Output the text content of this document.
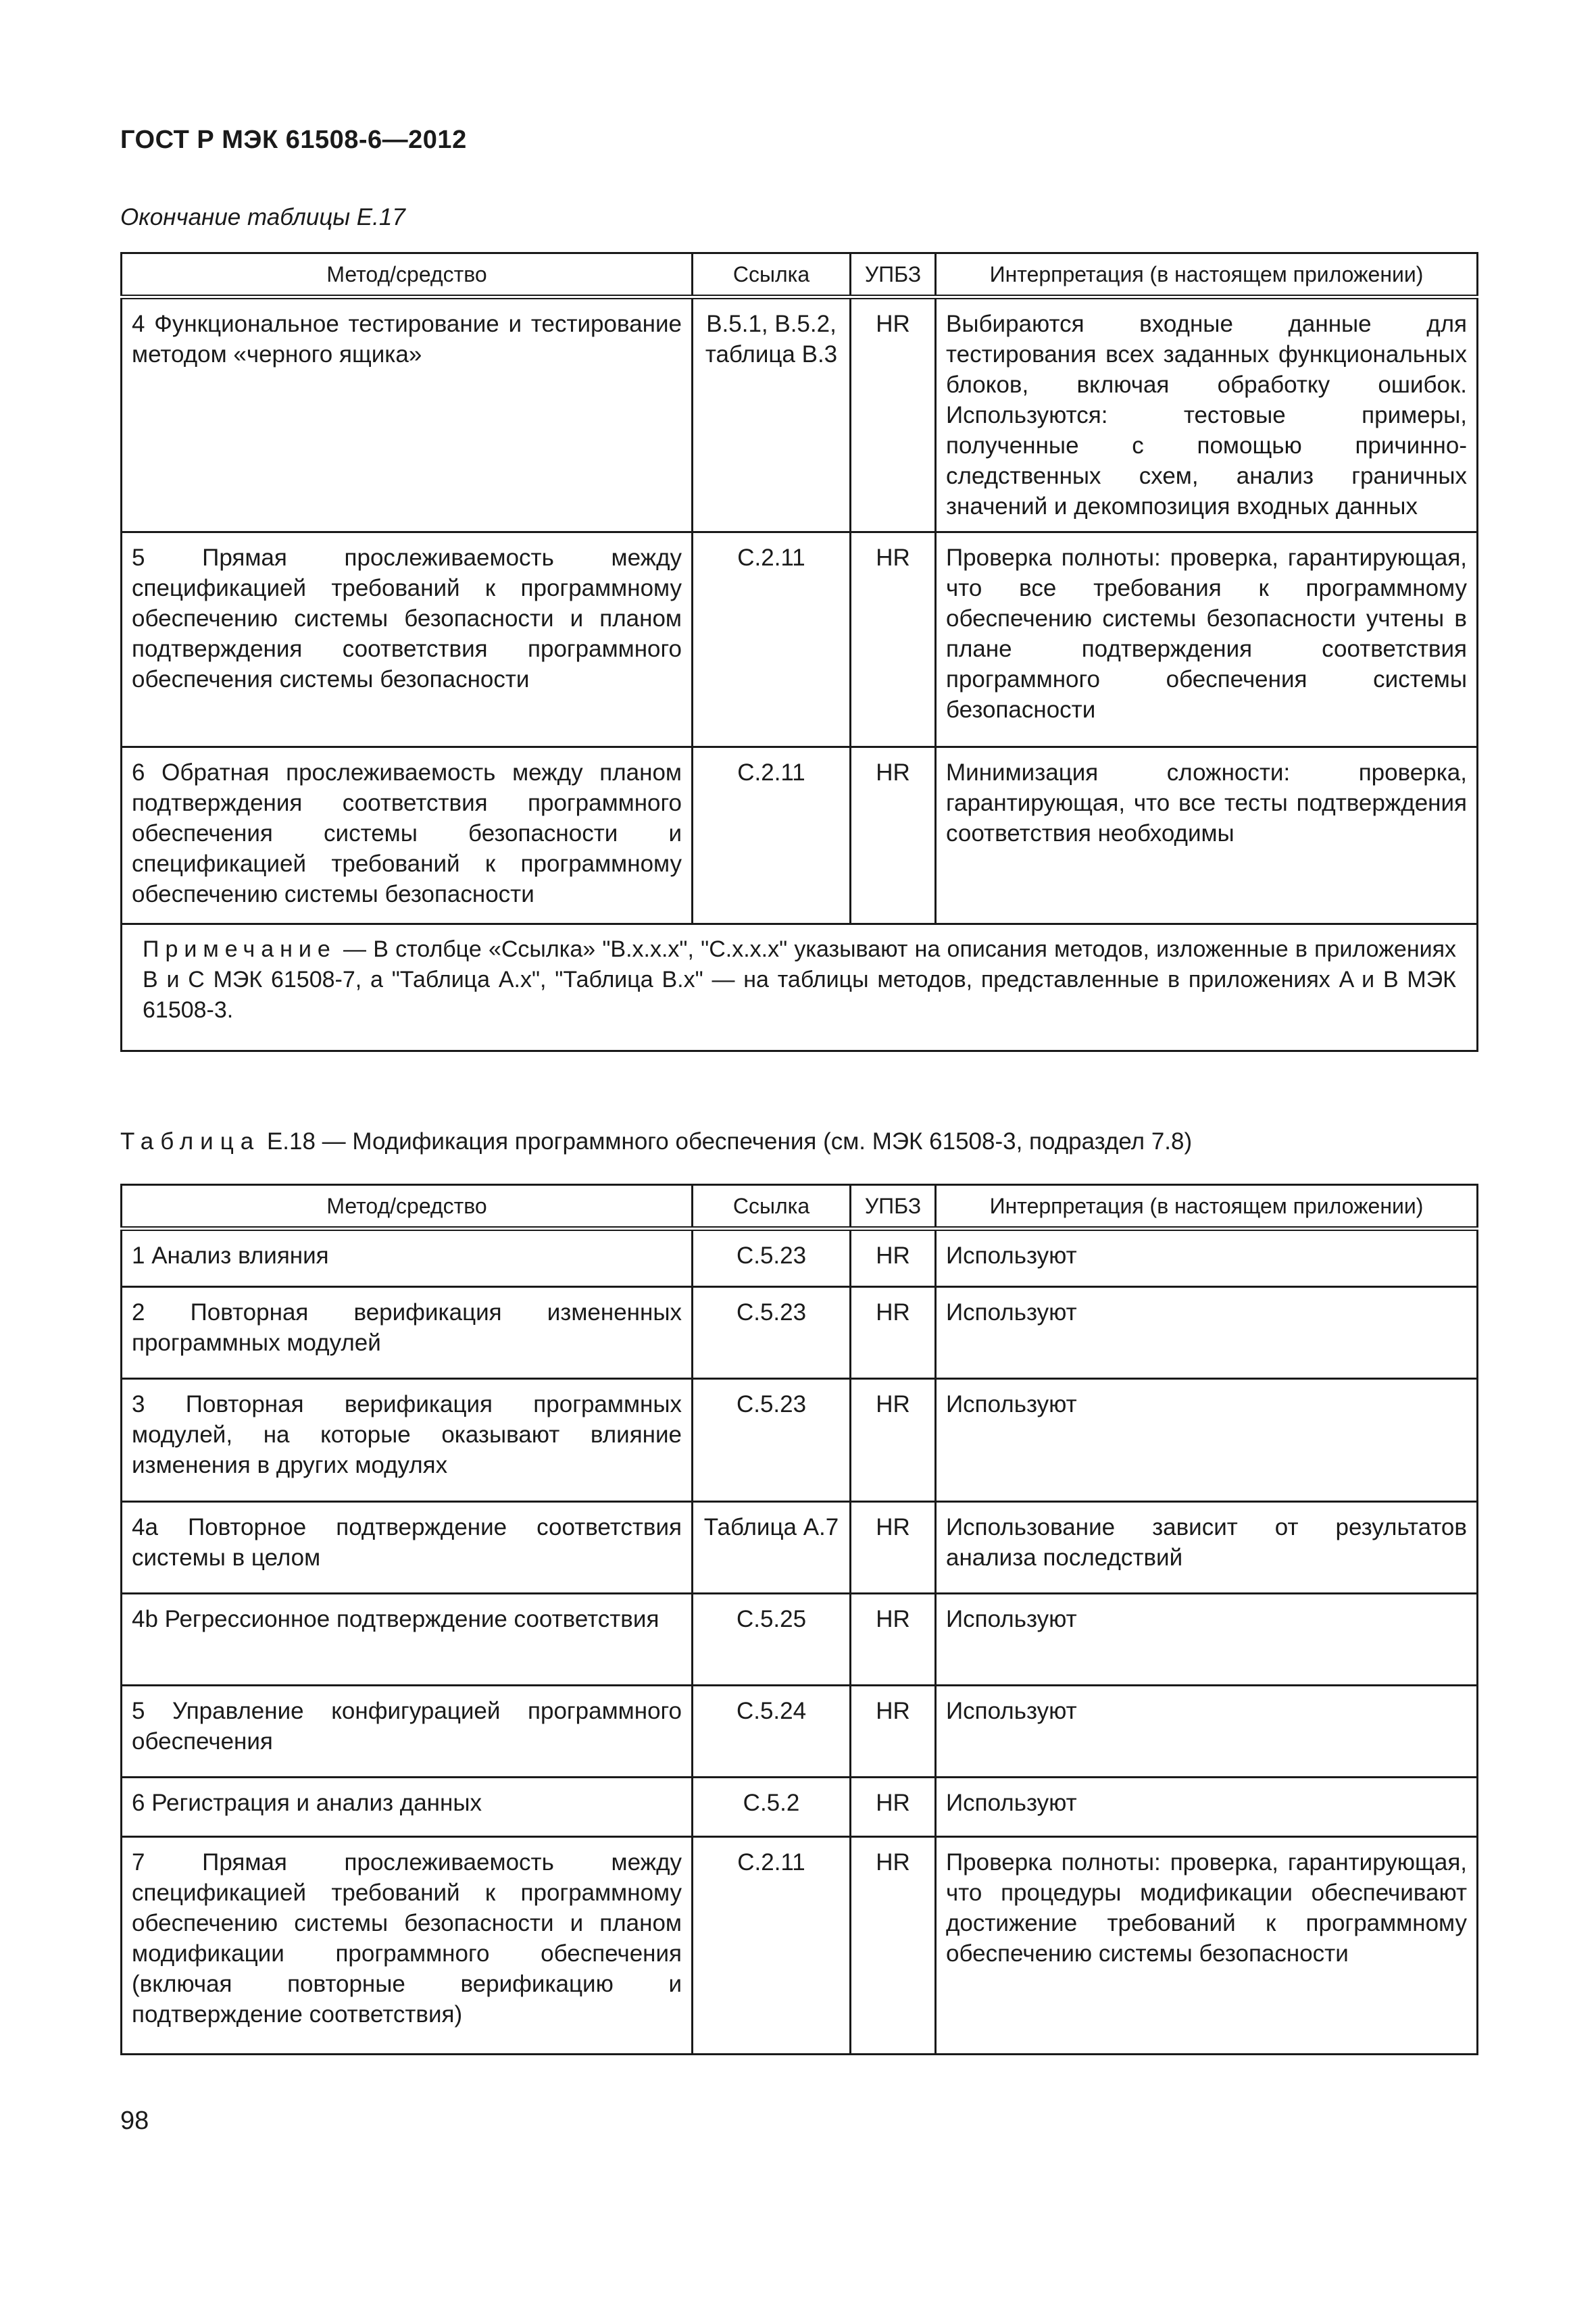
ГОСТ Р МЭК 61508-6—2012
Окончание таблицы E.17
Метод/средство	Ссылка	УПБЗ	Интерпретация (в настоящем приложении)
4 Функциональное тестирование и тестирование методом «черного ящика»	B.5.1, B.5.2, таблица B.3	HR	Выбираются входные данные для тестирования всех заданных функциональных блоков, включая обработку ошибок. Используются: тестовые примеры, полученные с помощью причинно-следственных схем, анализ граничных значений и декомпозиция входных данных
5 Прямая прослеживаемость между спецификацией требований к программному обеспечению системы безопасности и планом подтверждения соответствия программного обеспечения системы безопасности	C.2.11	HR	Проверка полноты: проверка, гарантирующая, что все требования к программному обеспечению системы безопасности учтены в плане подтверждения соответствия программного обеспечения системы безопасности
6 Обратная прослеживаемость между планом подтверждения соответствия программного обеспечения системы безопасности и спецификацией требований к программному обеспечению системы безопасности	C.2.11	HR	Минимизация сложности: проверка, гарантирующая, что все тесты подтверждения соответствия необходимы
Примечание — В столбце «Ссылка» "B.x.x.x", "C.x.x.x" указывают на описания методов, изложенные в приложениях B и C МЭК 61508-7, а "Таблица A.x", "Таблица B.x" — на таблицы методов, представленные в приложениях A и B МЭК 61508-3.			
Таблица E.18 — Модификация программного обеспечения (см. МЭК 61508-3, подраздел 7.8)
Метод/средство	Ссылка	УПБЗ	Интерпретация (в настоящем приложении)
1 Анализ влияния	C.5.23	HR	Используют
2 Повторная верификация измененных программных модулей	C.5.23	HR	Используют
3 Повторная верификация программных модулей, на которые оказывают влияние изменения в других модулях	C.5.23	HR	Используют
4a Повторное подтверждение соответствия системы в целом	Таблица A.7	HR	Использование зависит от результатов анализа последствий
4b Регрессионное подтверждение соответствия	C.5.25	HR	Используют
5 Управление конфигурацией программного обеспечения	C.5.24	HR	Используют
6 Регистрация и анализ данных	C.5.2	HR	Используют
7 Прямая прослеживаемость между спецификацией требований к программному обеспечению системы безопасности и планом модификации программного обеспечения (включая повторные верификацию и подтверждение соответствия)	C.2.11	HR	Проверка полноты: проверка, гарантирующая, что процедуры модификации обеспечивают достижение требований к программному обеспечению системы безопасности
98
